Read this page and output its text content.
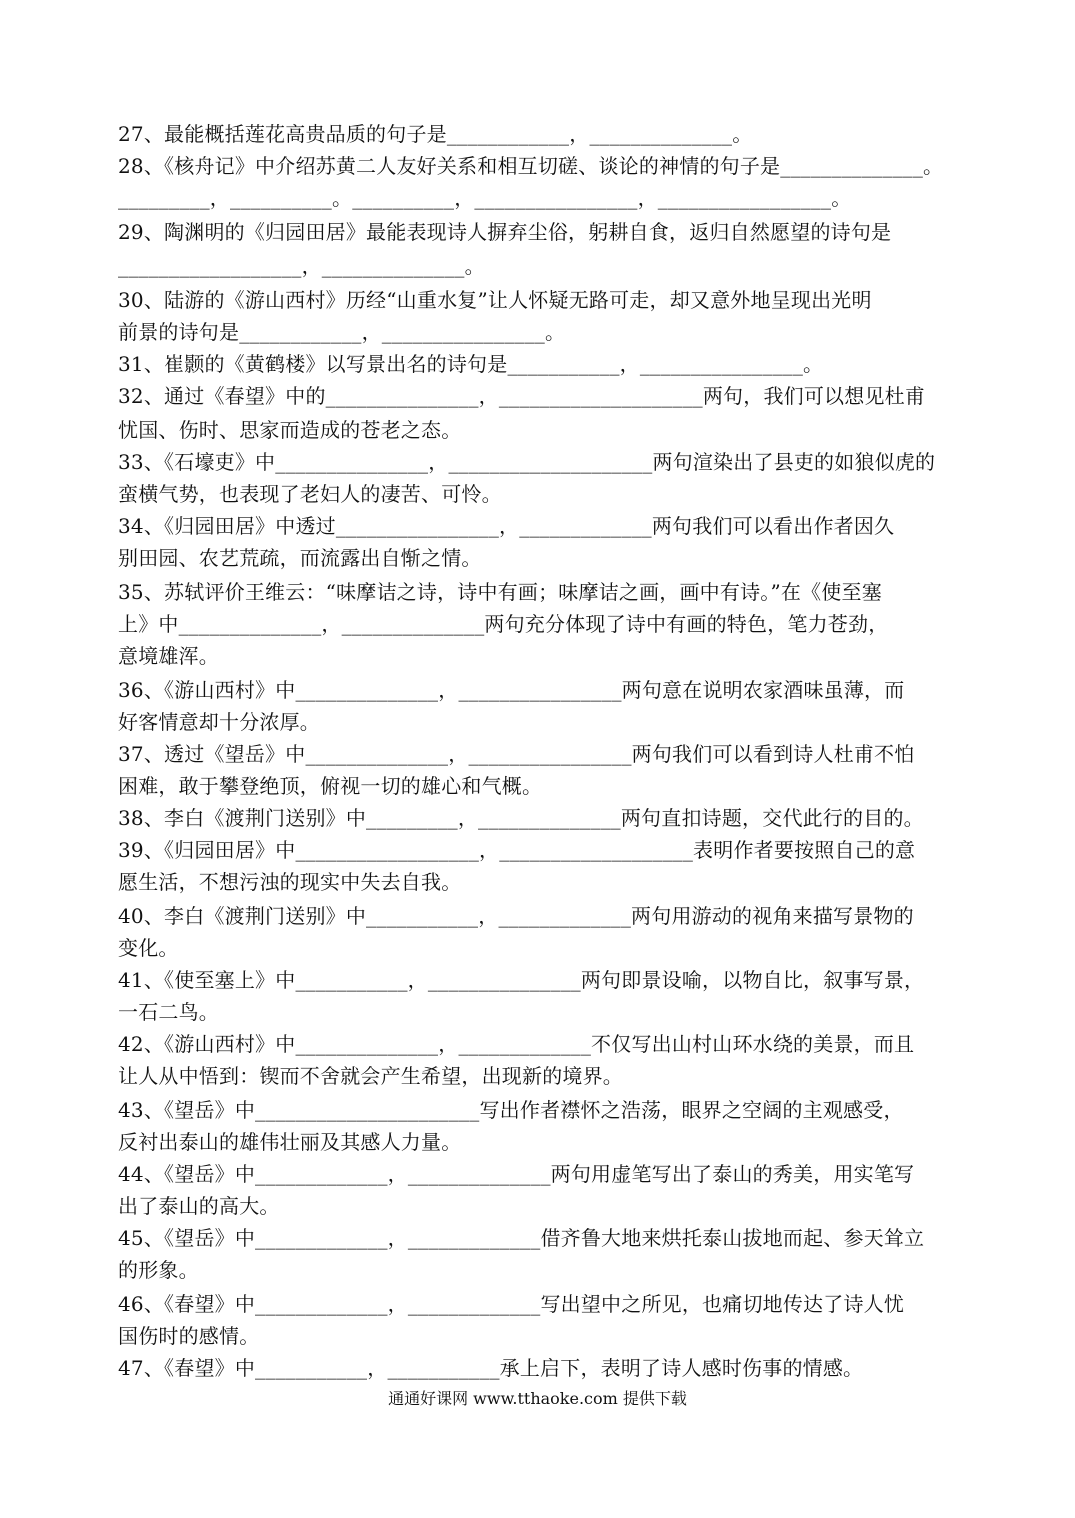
27、最能概括莲花高贵品质的句子是____________，______________。
28、《核舟记》中介绍苏黄二人友好关系和相互切磋、谈论的神情的句子是______________。
_________，__________。__________，________________，_________________。
29、陶渊明的《归园田居》最能表现诗人摒弃尘俗，躬耕自食，返归自然愿望的诗句是
__________________，______________。
30、陆游的《游山西村》历经“山重水复”让人怀疑无路可走，却又意外地呈现出光明
前景的诗句是____________，________________。
31、崔颢的《黄鹤楼》以写景出名的诗句是___________，________________。
32、通过《春望》中的_______________，____________________两句，我们可以想见杜甫
忧国、伤时、思家而造成的苍老之态。
33、《石壕吏》中_______________，____________________两句渲染出了县吏的如狼似虎的
蛮横气势，也表现了老妇人的凄苦、可怜。
34、《归园田居》中透过________________，_____________两句我们可以看出作者因久
别田园、农艺荒疏，而流露出自惭之情。
35、苏轼评价王维云：“味摩诘之诗，诗中有画；味摩诘之画，画中有诗。”在《使至塞
上》中______________，______________两句充分体现了诗中有画的特色，笔力苍劲，
意境雄浑。
36、《游山西村》中______________，________________两句意在说明农家酒味虽薄，而
好客情意却十分浓厚。
37、透过《望岳》中______________，________________两句我们可以看到诗人杜甫不怕
困难，敢于攀登绝顶，俯视一切的雄心和气概。
38、李白《渡荆门送别》中_________，______________两句直扣诗题，交代此行的目的。
39、《归园田居》中__________________，___________________表明作者要按照自己的意
愿生活，不想污浊的现实中失去自我。
40、李白《渡荆门送别》中___________，_____________两句用游动的视角来描写景物的
变化。
41、《使至塞上》中___________，_______________两句即景设喻，以物自比，叙事写景，
一石二鸟。
42、《游山西村》中______________，_____________不仅写出山村山环水绕的美景，而且
让人从中悟到：锲而不舍就会产生希望，出现新的境界。
43、《望岳》中______________________写出作者襟怀之浩荡，眼界之空阔的主观感受，
反衬出泰山的雄伟壮丽及其感人力量。
44、《望岳》中_____________，______________两句用虚笔写出了泰山的秀美，用实笔写
出了泰山的高大。
45、《望岳》中_____________，_____________借齐鲁大地来烘托泰山拔地而起、参天耸立
的形象。
46、《春望》中_____________，_____________写出望中之所见，也痛切地传达了诗人忧
国伤时的感情。
47、《春望》中___________，___________承上启下，表明了诗人感时伤事的情感。
通通好课网 www.tthaoke.com 提供下载
